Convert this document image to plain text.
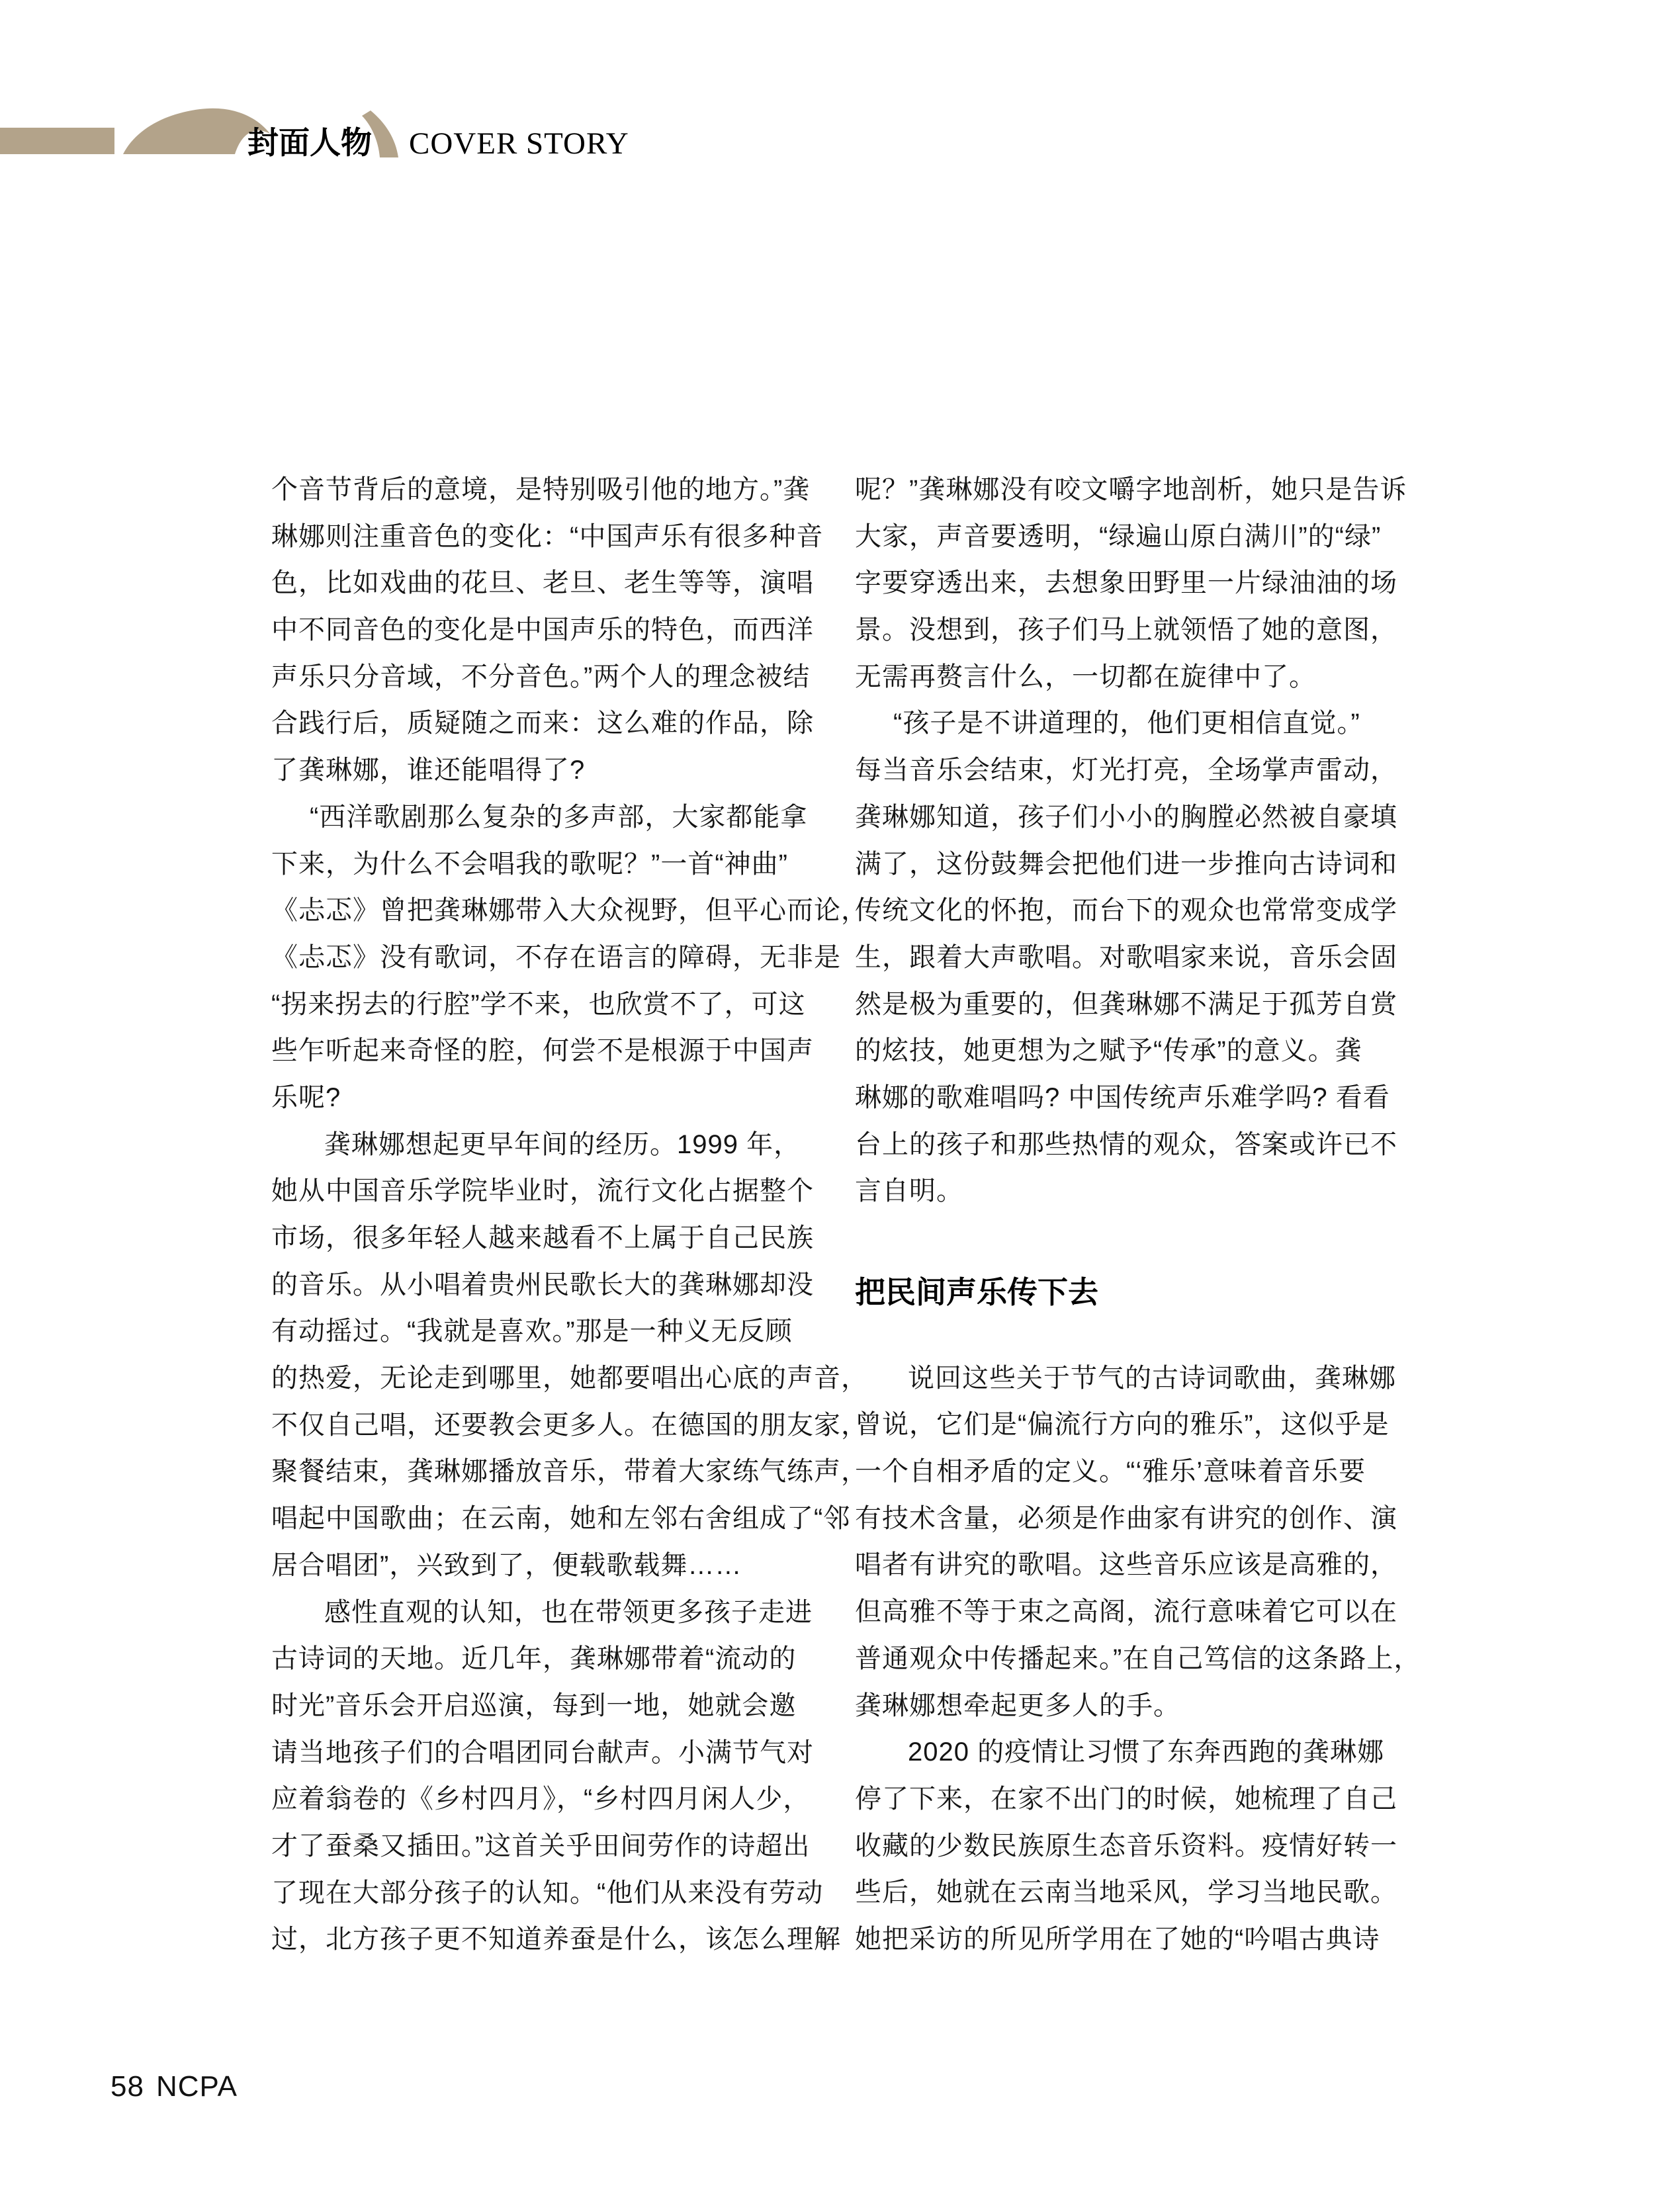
封面人物 COVER STORY
个音节背后的意境，是特别吸引他的地方。”龚
琳娜则注重音色的变化：“中国声乐有很多种音
色，比如戏曲的花旦、老旦、老生等等，演唱
中不同音色的变化是中国声乐的特色，而西洋
声乐只分音域，不分音色。”两个人的理念被结
合践行后，质疑随之而来：这么难的作品，除
了龚琳娜，谁还能唱得了?
“西洋歌剧那么复杂的多声部，大家都能拿
下来，为什么不会唱我的歌呢？”一首“神曲”
《忐忑》曾把龚琳娜带入大众视野，但平心而论，
《忐忑》没有歌词，不存在语言的障碍，无非是
“拐来拐去的行腔”学不来，也欣赏不了，可这
些乍听起来奇怪的腔，何尝不是根源于中国声
乐呢?
龚琳娜想起更早年间的经历。1999 年，
她从中国音乐学院毕业时，流行文化占据整个
市场，很多年轻人越来越看不上属于自己民族
的音乐。从小唱着贵州民歌长大的龚琳娜却没
有动摇过。“我就是喜欢。”那是一种义无反顾
的热爱，无论走到哪里，她都要唱出心底的声音，
不仅自己唱，还要教会更多人。在德国的朋友家，
聚餐结束，龚琳娜播放音乐，带着大家练气练声，
唱起中国歌曲；在云南，她和左邻右舍组成了“邻
居合唱团”，兴致到了，便载歌载舞……
感性直观的认知，也在带领更多孩子走进
古诗词的天地。近几年，龚琳娜带着“流动的
时光”音乐会开启巡演，每到一地，她就会邀
请当地孩子们的合唱团同台献声。小满节气对
应着翁卷的《乡村四月》，“乡村四月闲人少，
才了蚕桑又插田。”这首关乎田间劳作的诗超出
了现在大部分孩子的认知。“他们从来没有劳动
过，北方孩子更不知道养蚕是什么，该怎么理解
呢？”龚琳娜没有咬文嚼字地剖析，她只是告诉
大家，声音要透明，“绿遍山原白满川”的“绿”
字要穿透出来，去想象田野里一片绿油油的场
景。没想到，孩子们马上就领悟了她的意图，
无需再赘言什么，一切都在旋律中了。
“孩子是不讲道理的，他们更相信直觉。”
每当音乐会结束，灯光打亮，全场掌声雷动，
龚琳娜知道，孩子们小小的胸膛必然被自豪填
满了，这份鼓舞会把他们进一步推向古诗词和
传统文化的怀抱，而台下的观众也常常变成学
生，跟着大声歌唱。对歌唱家来说，音乐会固
然是极为重要的，但龚琳娜不满足于孤芳自赏
的炫技，她更想为之赋予“传承”的意义。龚
琳娜的歌难唱吗? 中国传统声乐难学吗? 看看
台上的孩子和那些热情的观众，答案或许已不
言自明。
把民间声乐传下去
说回这些关于节气的古诗词歌曲，龚琳娜
曾说，它们是“偏流行方向的雅乐”，这似乎是
一个自相矛盾的定义。“‘雅乐’意味着音乐要
有技术含量，必须是作曲家有讲究的创作、演
唱者有讲究的歌唱。这些音乐应该是高雅的，
但高雅不等于束之高阁，流行意味着它可以在
普通观众中传播起来。”在自己笃信的这条路上，
龚琳娜想牵起更多人的手。
2020 的疫情让习惯了东奔西跑的龚琳娜
停了下来，在家不出门的时候，她梳理了自己
收藏的少数民族原生态音乐资料。疫情好转一
些后，她就在云南当地采风，学习当地民歌。
她把采访的所见所学用在了她的“吟唱古典诗
58 NCPA
